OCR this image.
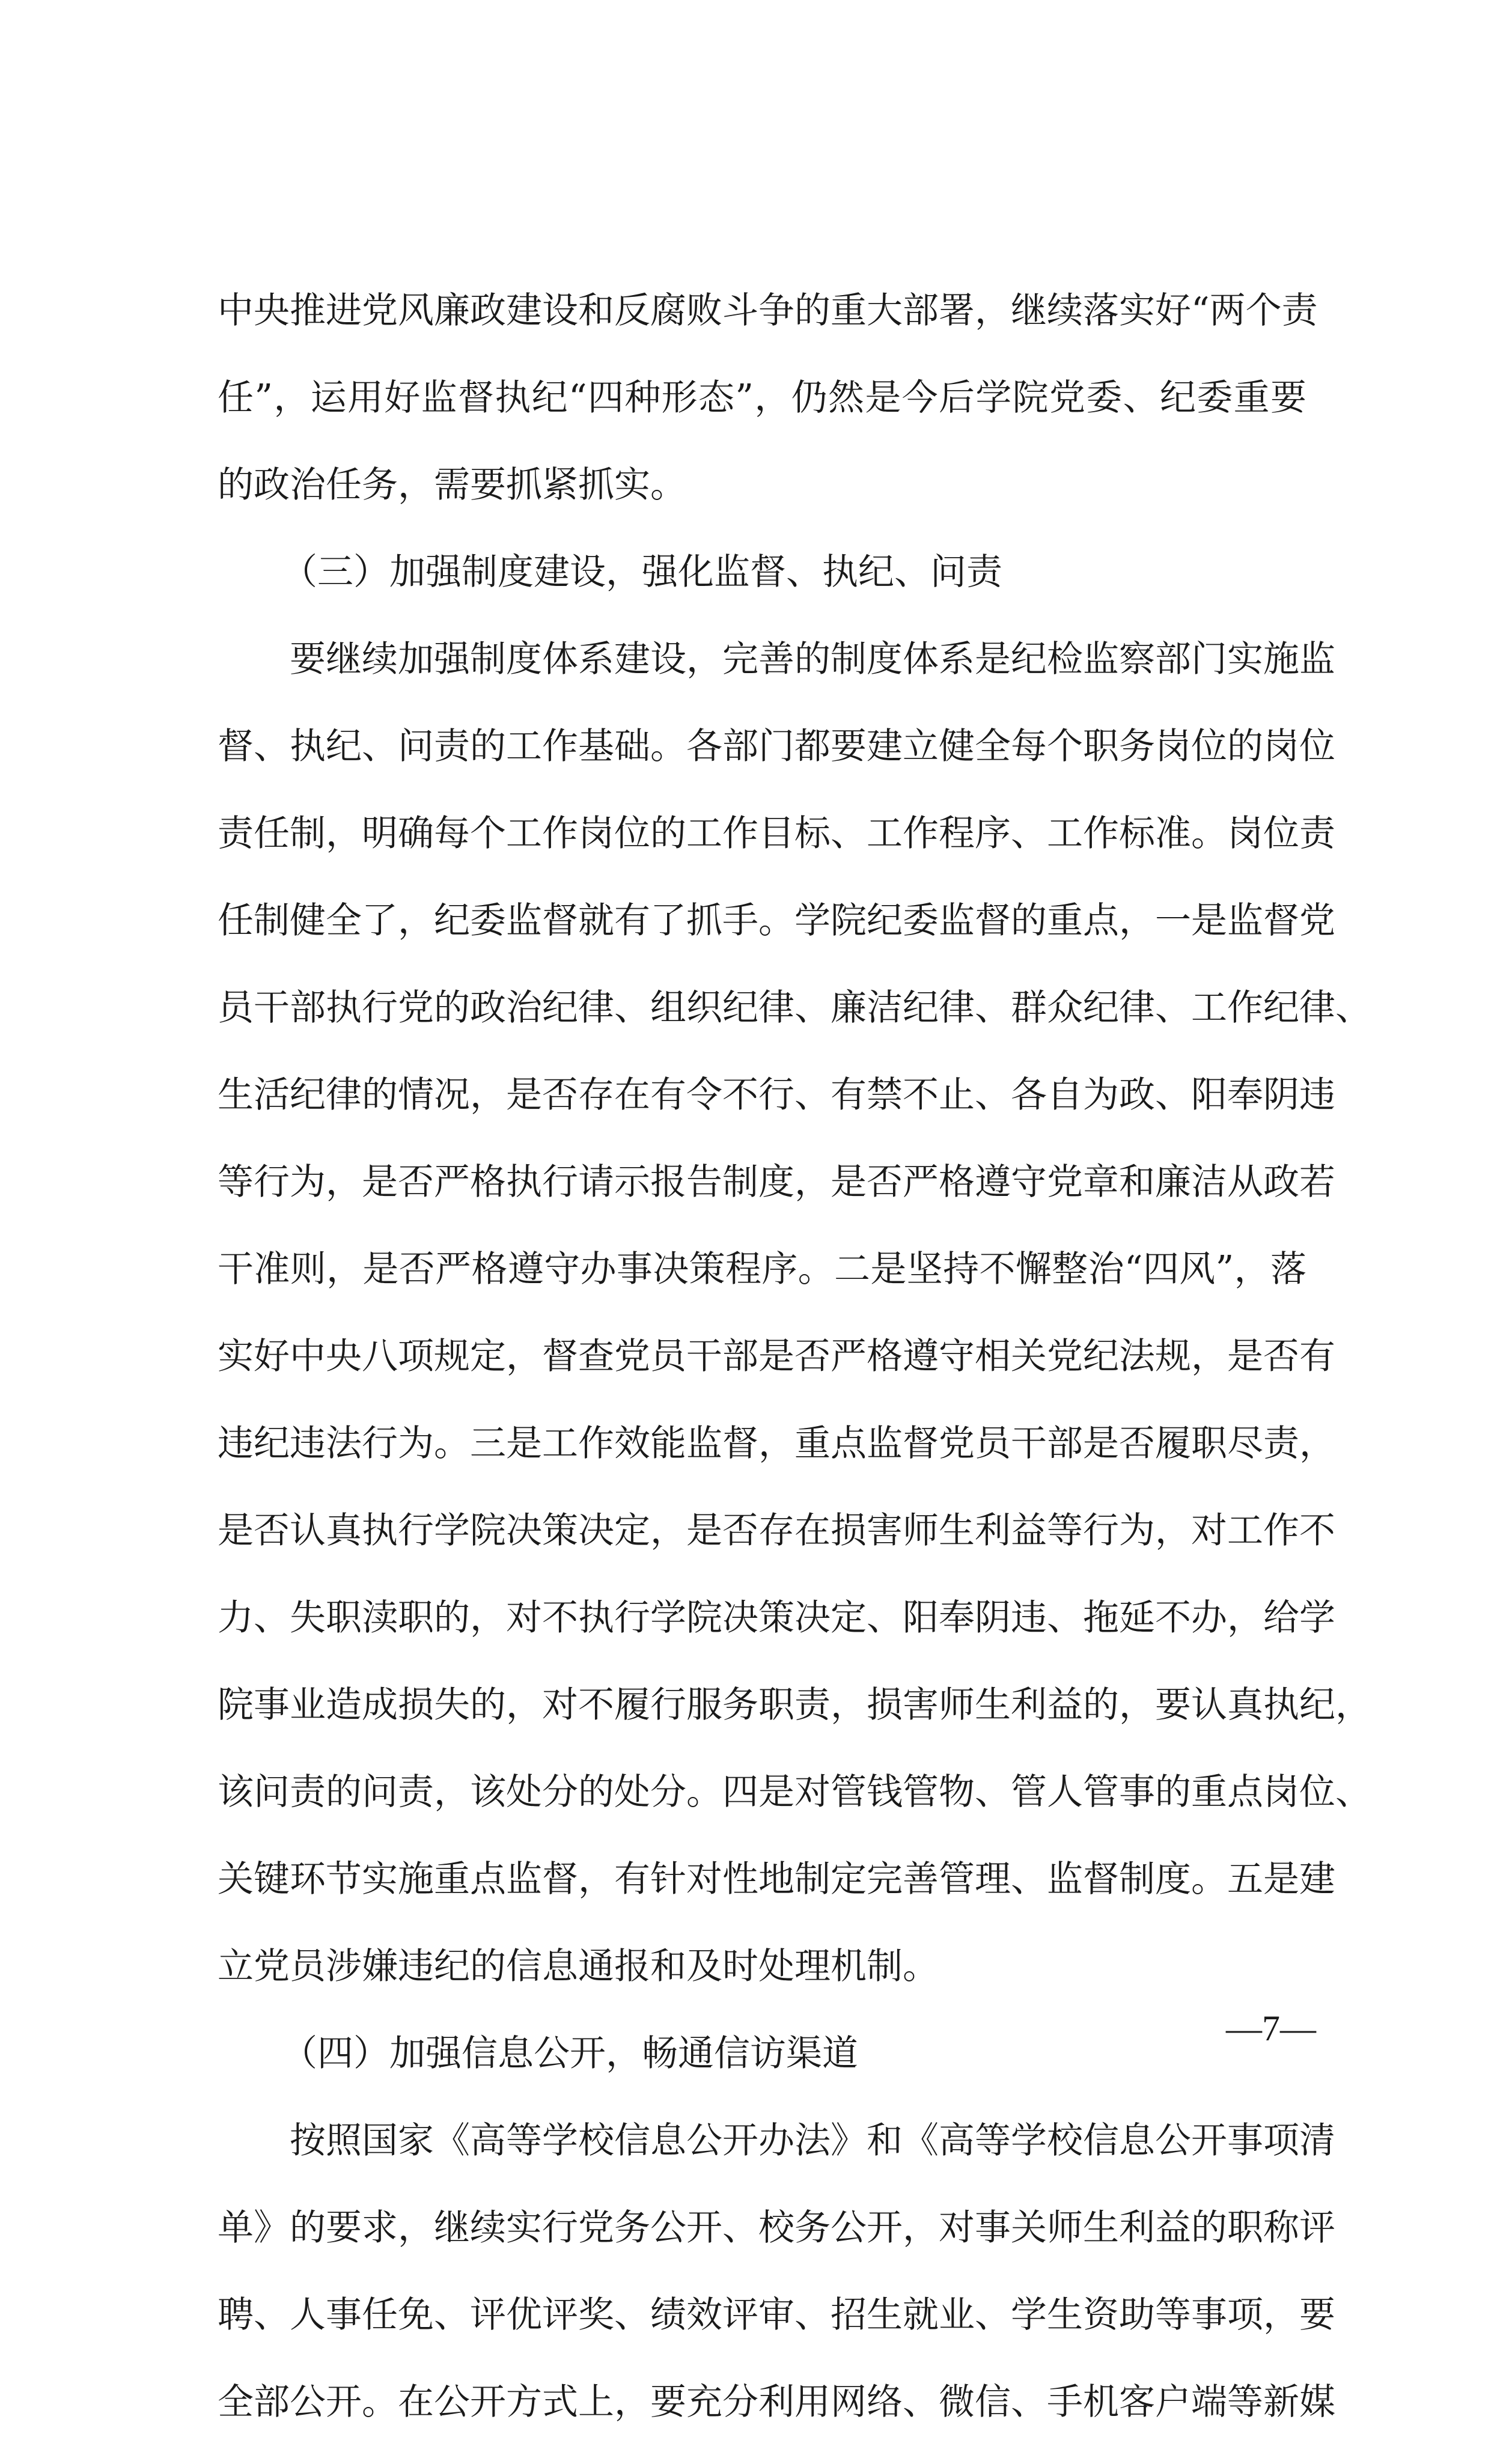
中央推进党风廉政建设和反腐败斗争的重大部署，继续落实好“两个责
任”，运用好监督执纪“四种形态”，仍然是今后学院党委、纪委重要
的政治任务，需要抓紧抓实。
（三）加强制度建设，强化监督、执纪、问责
要继续加强制度体系建设，完善的制度体系是纪检监察部门实施监
督、执纪、问责的工作基础。各部门都要建立健全每个职务岗位的岗位
责任制，明确每个工作岗位的工作目标、工作程序、工作标准。岗位责
任制健全了，纪委监督就有了抓手。学院纪委监督的重点，一是监督党
员干部执行党的政治纪律、组织纪律、廉洁纪律、群众纪律、工作纪律、
生活纪律的情况，是否存在有令不行、有禁不止、各自为政、阳奉阴违
等行为，是否严格执行请示报告制度，是否严格遵守党章和廉洁从政若
干准则，是否严格遵守办事决策程序。二是坚持不懈整治“四风”，落
实好中央八项规定，督查党员干部是否严格遵守相关党纪法规，是否有
违纪违法行为。三是工作效能监督，重点监督党员干部是否履职尽责，
是否认真执行学院决策决定，是否存在损害师生利益等行为，对工作不
力、失职渎职的，对不执行学院决策决定、阳奉阴违、拖延不办，给学
院事业造成损失的，对不履行服务职责，损害师生利益的，要认真执纪，
该问责的问责，该处分的处分。四是对管钱管物、管人管事的重点岗位、
关键环节实施重点监督，有针对性地制定完善管理、监督制度。五是建
立党员涉嫌违纪的信息通报和及时处理机制。
（四）加强信息公开，畅通信访渠道
按照国家《高等学校信息公开办法》和《高等学校信息公开事项清
单》的要求，继续实行党务公开、校务公开，对事关师生利益的职称评
聘、人事任免、评优评奖、绩效评审、招生就业、学生资助等事项，要
全部公开。在公开方式上，要充分利用网络、微信、手机客户端等新媒
—7—
